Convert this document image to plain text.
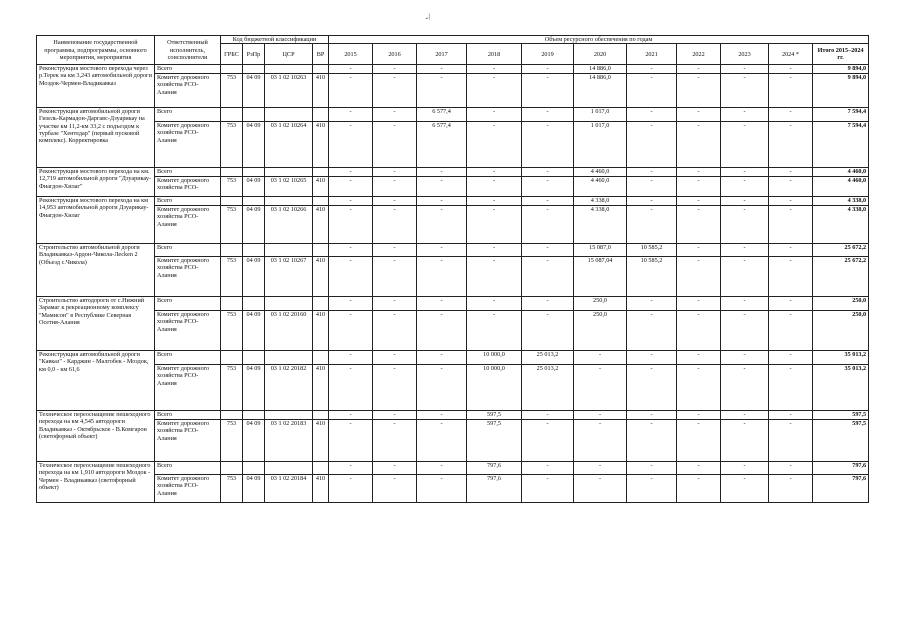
-/
Наименование государственной программы, подпрограммы, основного мероприятия, мероприятия	Ответственный исполнитель, соисполнители	Код бюджетной классификации				Объем ресурсного обеспечения по годам										
		ГРБС	РзПр	ЦСР	ВР	2015	2016	2017	2018	2019	2020	2021	2022	2023	2024 *	Итого 2015–2024 гг.
Реконструкция мостового перехода через р.Терек на км 3,243 автомобильной дороги Моздок-Чермен-Владикавказ	Всего					-	-	-	-	-	14 886,0	-	-	-	-	9 894,0
	Комитет дорожного хозяйства РСО-Алания	753	04 09	03 1 02 10263	410	-	-	-	-	-	14 886,0	-	-	-	-	9 894,0
Реконструкция автомобильной дороги Гизель-Кармадон-Даргавс-Дзуарикау на участке км 11,2-км 33,2 с подъездом к турбазе "Хентедар" (первый пусковой комплекс). Корректировка	Всего					-	-	6 577,4	-	-	1 017,0	-	-	-	-	7 594,4
	Комитет дорожного хозяйства РСО-Алания	753	04 09	03 1 02 10264	410	-	-	6 577,4	-	-	1 017,0	-	-	-	-	7 594,4
Реконструкция мостового перехода на км. 12,719 автомобильной дороги "Дзуарикау-Фиагдон-Хилаг"	Всего					-	-	-	-	-	4 460,0	-	-	-	-	4 460,0
	Комитет дорожного хозяйства РСО-	753	04 09	03 1 02 10265	410	-	-	-	-	-	4 460,0	-	-	-	-	4 460,0
Реконструкция мостового перехода на км 14,953 автомобильной дороги Дзуарикау-Фиагдон-Хилаг	Всего					-	-	-	-	-	4 338,0	-	-	-	-	4 338,0
	Комитет дорожного хозяйства РСО-Алания	753	04 09	03 1 02 10266	410	-	-	-	-	-	4 338,0	-	-	-	-	4 338,0
Строительство автомобильной дороги Владикавказ-Ардон-Чикола-Лесken 2 (Объезд с.Чикола)	Всего					-	-	-	-	-	15 087,0	10 585,2	-	-	-	25 672,2
	Комитет дорожного хозяйства РСО-Алания	753	04 09	03 1 02 10267	410	-	-	-	-	-	15 087,04	10 585,2	-	-	-	25 672,2
Строительство автодороги от с.Нижний Зарамаг к рекреационному комплексу "Мамисон" в Республике Северная Осетия-Алания	Всего					-	-	-	-	-	250,0	-	-	-	-	250,0
	Комитет дорожного хозяйства РСО-Алания	753	04 09	03 1 02 20160	410	-	-	-	-	-	250,0	-	-	-	-	250,0
Реконструкция автомобильной дороги "Кавказ" - Карджин - Малгобек - Моздок, км 0,0 - км 61,6	Всего					-	-	-	10 000,0	25 013,2	-	-	-	-	-	35 013,2
	Комитет дорожного хозяйства РСО-Алания	753	04 09	03 1 02 20182	410	-	-	-	10 000,0	25 013,2	-	-	-	-	-	35 013,2
Техническое переоснащение пешеходного перехода на км 4,545 автодороги Владикавказ - Октябрьское - В.Комгарон (светофорный объект)	Всего					-	-	-	597,5	-	-	-	-	-	-	597,5
	Комитет дорожного хозяйства РСО-Алания	753	04 09	03 1 02 20183	410	-	-	-	597,5	-	-	-	-	-	-	597,5
Техническое переоснащение пешеходного перехода на км 1,910 автодороги Моздок - Чермен - Владикавказ (светофорный объект)	Всего					-	-	-	797,6	-	-	-	-	-	-	797,6
	Комитет дорожного хозяйства РСО-Алания	753	04 09	03 1 02 20184	410	-	-	-	797,6	-	-	-	-	-	-	797,6
